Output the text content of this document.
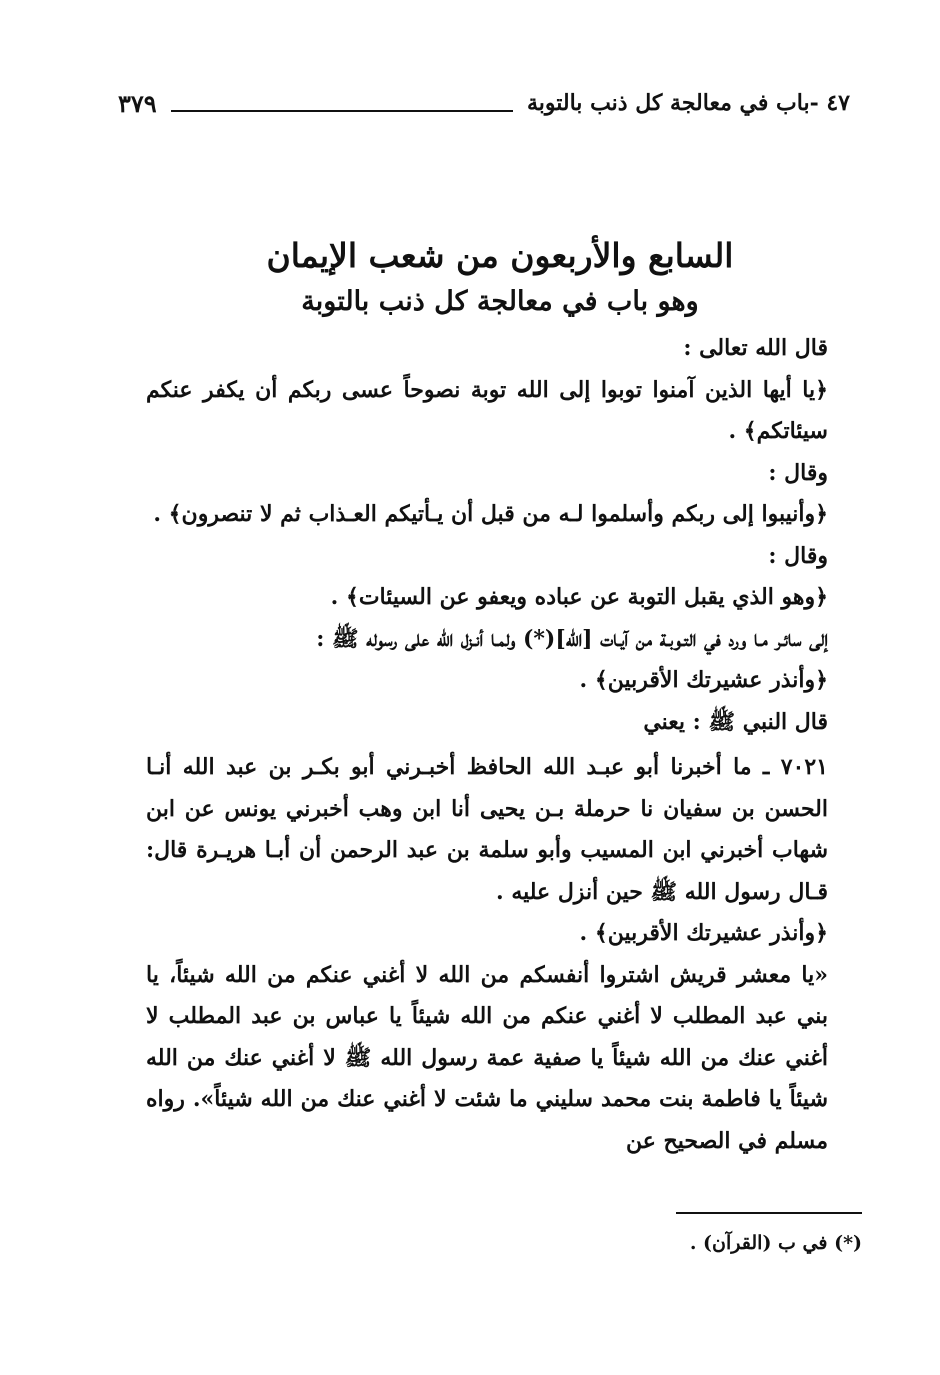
٤٧ -باب في معالجة كل ذنب بالتوبة
٣٧٩
السابع والأربعون من شعب الإيمان
وهو باب في معالجة كل ذنب بالتوبة

قال الله تعالى :

﴿يا أيها الذين آمنوا توبوا إلى الله توبة نصوحاً عسى ربكم أن يكفر عنكم سيئاتكم﴾ .

وقال :

﴿وأنيبوا إلى ربكم وأسلموا لـه من قبل أن يـأتيكم العـذاب ثم لا تنصرون﴾ .

وقال :

﴿وهو الذي يقبل التوبة عن عباده ويعفو عن السيئات﴾ .

إلى سائـر مـا ورد في التـوبـة من آيـات [الله](*) ولمـا أنـزل الله على رسوله ﷺ :

﴿وأنذر عشيرتك الأقربين﴾ .

قال النبي ﷺ : يعني

٧٠٢١ ـ ما أخبرنا أبو عبـد الله الحافظ أخبـرني أبو بكـر بن عبد الله أنـا الحسن بن سفيان نا حرملة بـن يحيى أنا ابن وهب أخبرني يونس عن ابن شهاب أخبرني ابن المسيب وأبو سلمة بن عبد الرحمن أن أبـا هريـرة قال: قـال رسول الله ﷺ حين أنزل عليه .

﴿وأنذر عشيرتك الأقربين﴾ .

«يا معشر قريش اشتروا أنفسكم من الله لا أغني عنكم من الله شيئاً، يا بني عبد المطلب لا أغني عنكم من الله شيئاً يا عباس بن عبد المطلب لا أغني عنك من الله شيئاً يا صفية عمة رسول الله ﷺ لا أغني عنك من الله شيئاً يا فاطمة بنت محمد سليني ما شئت لا أغني عنك من الله شيئاً». رواه مسلم في الصحيح عن

(*) في ب (القرآن) .
